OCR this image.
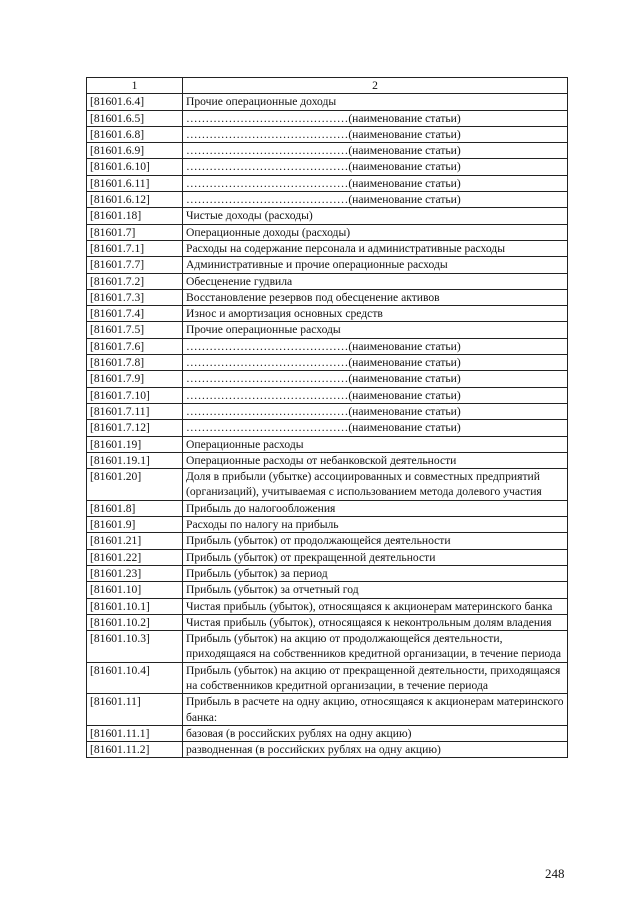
1	2
[81601.6.4]	Прочие операционные доходы
[81601.6.5]	……………………………………(наименование статьи)
[81601.6.8]	……………………………………(наименование статьи)
[81601.6.9]	……………………………………(наименование статьи)
[81601.6.10]	……………………………………(наименование статьи)
[81601.6.11]	……………………………………(наименование статьи)
[81601.6.12]	……………………………………(наименование статьи)
[81601.18]	Чистые доходы (расходы)
[81601.7]	Операционные доходы (расходы)
[81601.7.1]	Расходы на содержание персонала и административные расходы
[81601.7.7]	Административные и прочие операционные расходы
[81601.7.2]	Обесценение гудвила
[81601.7.3]	Восстановление резервов под обесценение активов
[81601.7.4]	Износ и амортизация основных средств
[81601.7.5]	Прочие операционные расходы
[81601.7.6]	……………………………………(наименование статьи)
[81601.7.8]	……………………………………(наименование статьи)
[81601.7.9]	……………………………………(наименование статьи)
[81601.7.10]	……………………………………(наименование статьи)
[81601.7.11]	……………………………………(наименование статьи)
[81601.7.12]	……………………………………(наименование статьи)
[81601.19]	Операционные расходы
[81601.19.1]	Операционные расходы от небанковской деятельности
[81601.20]	Доля в прибыли (убытке) ассоциированных и совместных предприятий (организаций), учитываемая с использованием метода долевого участия
[81601.8]	Прибыль до налогообложения
[81601.9]	Расходы по налогу на прибыль
[81601.21]	Прибыль (убыток) от продолжающейся деятельности
[81601.22]	Прибыль (убыток) от прекращенной деятельности
[81601.23]	Прибыль (убыток) за период
[81601.10]	Прибыль (убыток) за отчетный год
[81601.10.1]	Чистая прибыль (убыток), относящаяся к акционерам материнского банка
[81601.10.2]	Чистая прибыль (убыток), относящаяся к неконтрольным долям владения
[81601.10.3]	Прибыль (убыток) на акцию от продолжающейся деятельности, приходящаяся на собственников кредитной организации, в течение периода
[81601.10.4]	Прибыль (убыток) на акцию от прекращенной деятельности, приходящаяся на собственников кредитной организации, в течение периода
[81601.11]	Прибыль в расчете на одну акцию, относящаяся к акционерам материнского банка:
[81601.11.1]	базовая (в российских рублях на одну акцию)
[81601.11.2]	разводненная (в российских рублях на одну акцию)
248
